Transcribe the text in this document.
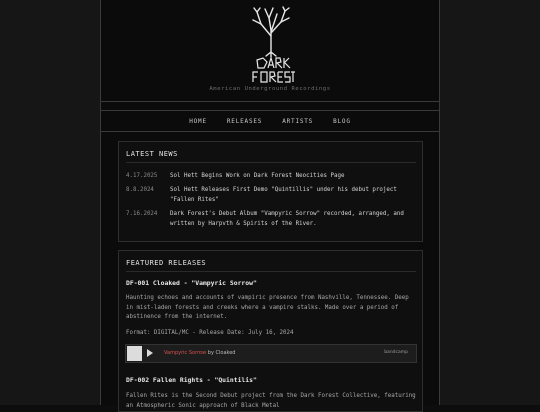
American Underground Recordings
HOME	RELEASES	ARTISTS	BLOG
LATEST NEWS
4.17.2025 Sol Hett Begins Work on Dark Forest Neocities Page
8.8.2024	Sol Hett Releases First Demo "Quintillis" under his debut project "Fallen Rites"
7.16.2024 Dark Forest's Debut Album "Vampyric Sorrow" recorded, arranged, and written by Harpvth & Spirits of the River.
FEATURED RELEASES
DF-001 Cloaked - "Vampyric Sorrow"
Haunting echoes and accounts of vampiric presence from Nashville, Tennessee. Deep in mist-laden forests and creeks where a vampire stalks. Made over a period of abstinence from the internet.
Format: DIGITAL/MC - Release Date: July 16, 2024
Vampyric Sorrow by Cloaked	bandcamp
DF-002 Fallen Rights - "Quintilis"
Fallen Rites is the Second Debut project from the Dark Forest Collective, featuring an Atmospheric Sonic approach of Black Metal
